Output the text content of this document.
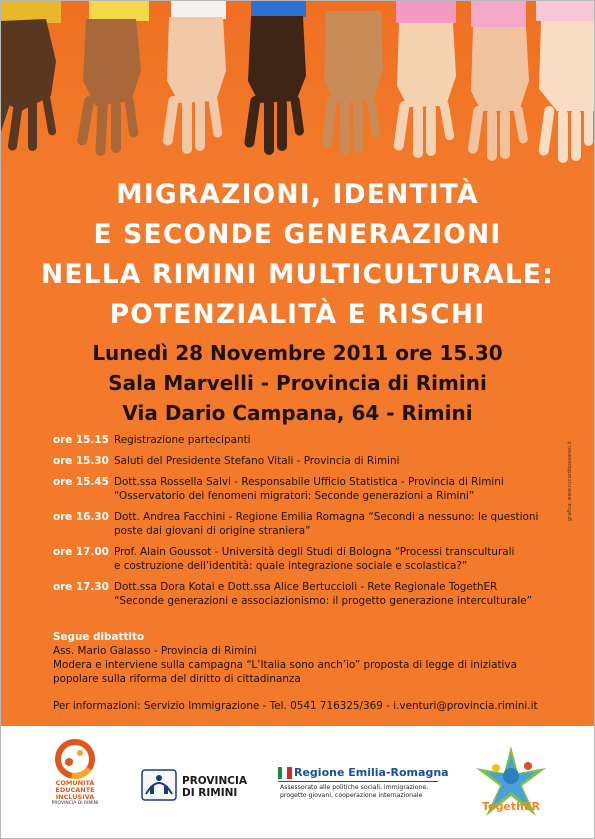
MIGRAZIONI, IDENTITÀ
E SECONDE GENERAZIONI
NELLA RIMINI MULTICULTURALE:
POTENZIALITÀ E RISCHI
Lunedì 28 Novembre 2011 ore 15.30
Sala Marvelli - Provincia di Rimini
Via Dario Campana, 64 - Rimini
ore 15.15 Registrazione partecipanti
ore 15.30 Saluti del Presidente Stefano Vitali - Provincia di Rimini
ore 15.45 Dott.ssa Rossella Salvi - Responsabile Ufficio Statistica - Provincia di Rimini
“Osservatorio dei fenomeni migratori: Seconde generazioni a Rimini”
ore 16.30 Dott. Andrea Facchini - Regione Emilia Romagna “Secondi a nessuno: le questioni
poste dai giovani di origine straniera”
ore 17.00 Prof. Alain Goussot - Università degli Studi di Bologna “Processi transculturali
e costruzione dell’identità: quale integrazione sociale e scolastica?”
ore 17.30 Dott.ssa Dora Kotai e Dott.ssa Alice Bertuccioli - Rete Regionale TogethER
“Seconde generazioni e associazionismo: il progetto generazione interculturale”
Segue dibattito
Ass. Mario Galasso - Provincia di Rimini
Modera e interviene sulla campagna “L’Italia sono anch’io” proposta di legge di iniziativa
popolare sulla riforma del diritto di cittadinanza
Per informazioni: Servizio Immigrazione - Tel. 0541 716325/369 - i.venturi@provincia.rimini.it
grafica: www.riccardopesaresi.it
COMUNITÀ
EDUCANTE
INCLUSIVA
PROVINCIA DI RIMINI
PROVINCIA
DI RIMINI
Regione Emilia-Romagna
Assessorato alle politiche sociali, immigrazione,
progetto giovani, cooperazione internazionale
TogethER
